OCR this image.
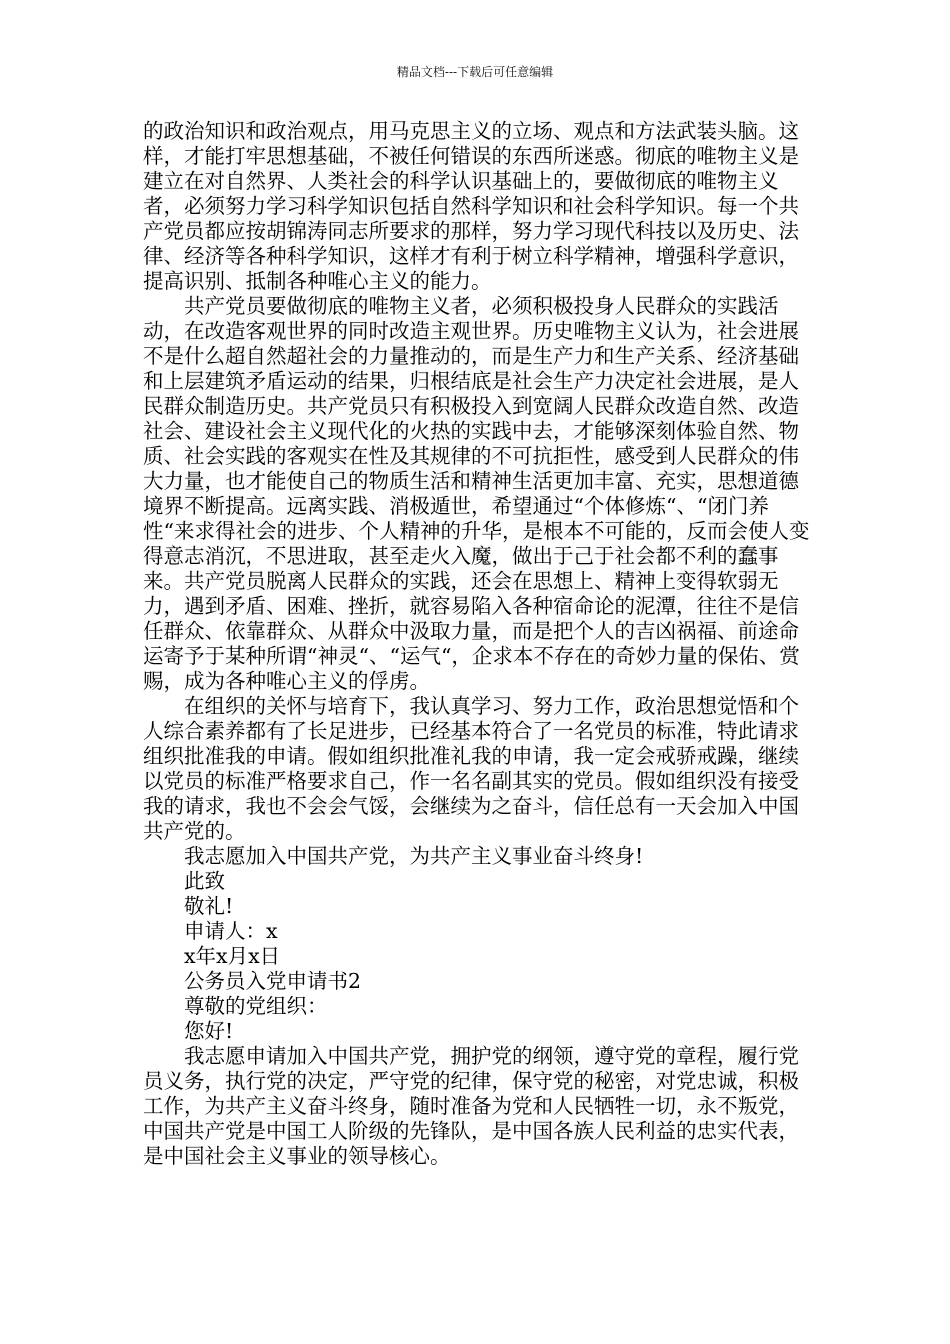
精品文档---下载后可任意编辑

的政治知识和政治观点，用马克思主义的立场、观点和方法武装头脑。这样，才能打牢思想基础，不被任何错误的东西所迷惑。彻底的唯物主义是建立在对自然界、人类社会的科学认识基础上的，要做彻底的唯物主义者，必须努力学习科学知识包括自然科学知识和社会科学知识。每一个共产党员都应按胡锦涛同志所要求的那样，努力学习现代科技以及历史、法律、经济等各种科学知识，这样才有利于树立科学精神，增强科学意识，提高识别、抵制各种唯心主义的能力。

共产党员要做彻底的唯物主义者，必须积极投身人民群众的实践活动，在改造客观世界的同时改造主观世界。历史唯物主义认为，社会进展不是什么超自然超社会的力量推动的，而是生产力和生产关系、经济基础和上层建筑矛盾运动的结果，归根结底是社会生产力决定社会进展，是人民群众制造历史。共产党员只有积极投入到宽阔人民群众改造自然、改造社会、建设社会主义现代化的火热的实践中去，才能够深刻体验自然、物质、社会实践的客观实在性及其规律的不可抗拒性，感受到人民群众的伟大力量，也才能使自己的物质生活和精神生活更加丰富、充实，思想道德境界不断提高。远离实践、消极遁世，希望通过“个体修炼“、“闭门养性“来求得社会的进步、个人精神的升华，是根本不可能的，反而会使人变得意志消沉，不思进取，甚至走火入魔，做出于己于社会都不利的蠢事来。共产党员脱离人民群众的实践，还会在思想上、精神上变得软弱无力，遇到矛盾、困难、挫折，就容易陷入各种宿命论的泥潭，往往不是信任群众、依靠群众、从群众中汲取力量，而是把个人的吉凶祸福、前途命运寄予于某种所谓“神灵“、“运气“，企求本不存在的奇妙力量的保佑、赏赐，成为各种唯心主义的俘虏。

在组织的关怀与培育下，我认真学习、努力工作，政治思想觉悟和个人综合素养都有了长足进步，已经基本符合了一名党员的标准，特此请求组织批准我的申请。假如组织批准礼我的申请，我一定会戒骄戒躁，继续以党员的标准严格要求自己，作一名名副其实的党员。假如组织没有接受我的请求，我也不会会气馁，会继续为之奋斗，信任总有一天会加入中国共产党的。

我志愿加入中国共产党，为共产主义事业奋斗终身!

此致

敬礼!

申请人：x

x年x月x日

公务员入党申请书2

尊敬的党组织：

您好!

我志愿申请加入中国共产党，拥护党的纲领，遵守党的章程，履行党员义务，执行党的决定，严守党的纪律，保守党的秘密，对党忠诚，积极工作，为共产主义奋斗终身，随时准备为党和人民牺牲一切，永不叛党，中国共产党是中国工人阶级的先锋队，是中国各族人民利益的忠实代表，是中国社会主义事业的领导核心。
